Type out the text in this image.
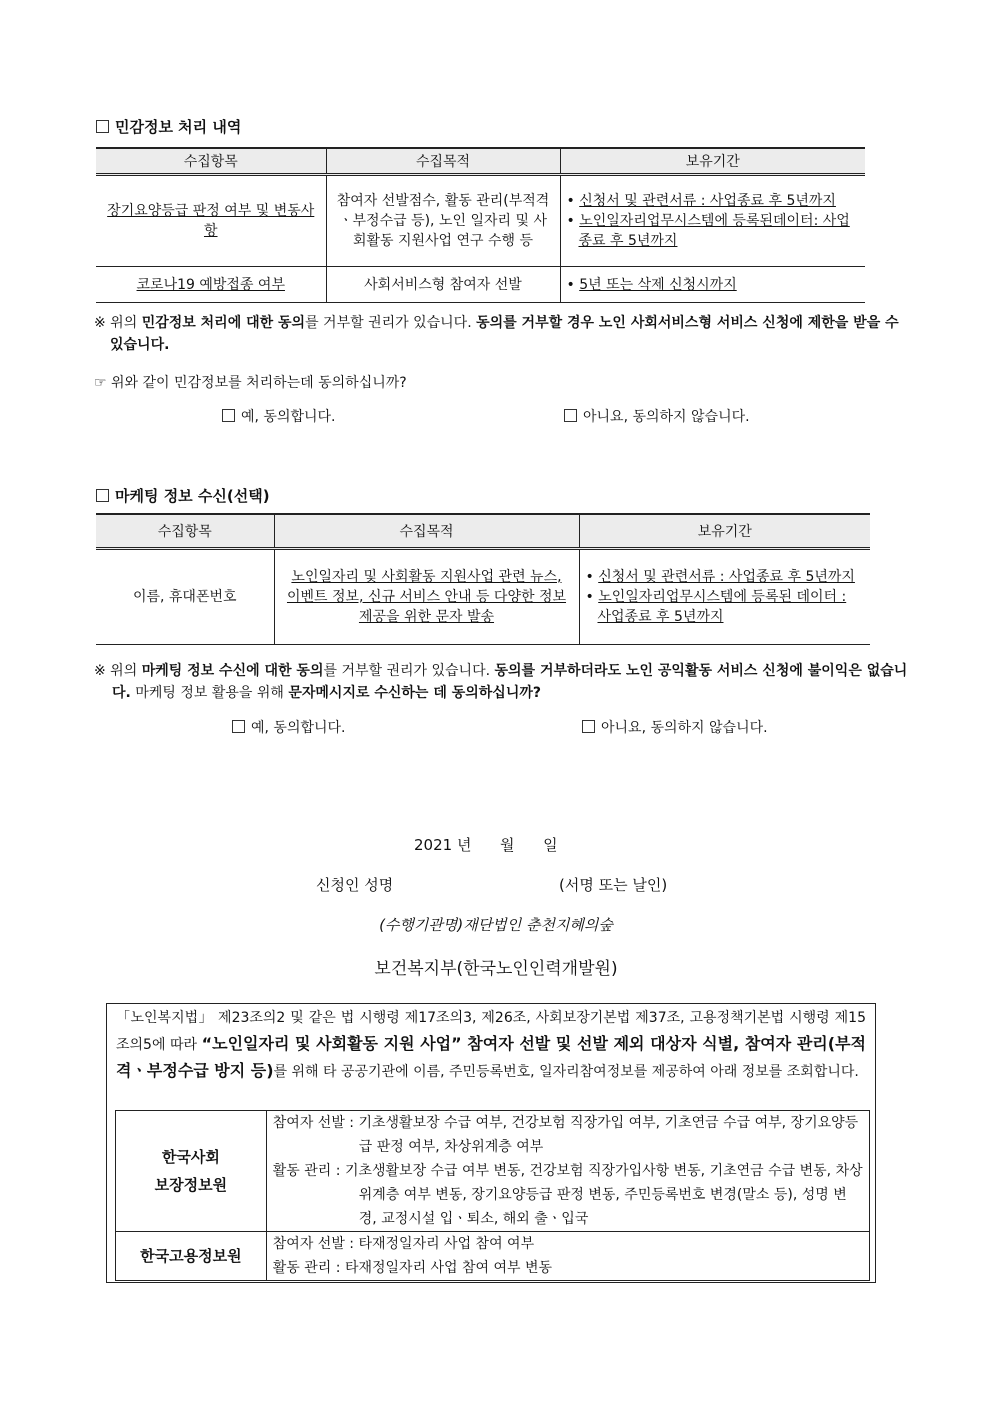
민감정보 처리 내역
수집항목	수집목적	보유기간
장기요양등급 판정 여부 및 변동사항	참여자 선발점수, 활동 관리(부적격ㆍ부정수급 등), 노인 일자리 및 사회활동 지원사업 연구 수행 등	• 신청서 및 관련서류 : 사업종료 후 5년까지
• 노인일자리업무시스템에 등록된데이터: 사업종료 후 5년까지

코로나19 예방접종 여부	사회서비스형 참여자 선발	• 5년 또는 삭제 신청시까지
※ 위의 민감정보 처리에 대한 동의를 거부할 권리가 있습니다. 동의를 거부할 경우 노인 사회서비스형 서비스 신청에 제한을 받을 수 있습니다.
☞ 위와 같이 민감정보를 처리하는데 동의하십니까?
예, 동의합니다.	아니요, 동의하지 않습니다.
마케팅 정보 수신(선택)
수집항목	수집목적	보유기간
이름, 휴대폰번호	노인일자리 및 사회활동 지원사업 관련 뉴스, 이벤트 정보, 신규 서비스 안내 등 다양한 정보 제공을 위한 문자 발송	• 신청서 및 관련서류 : 사업종료 후 5년까지
• 노인일자리업무시스템에 등록된 데이터 : 사업종료 후 5년까지
※ 위의 마케팅 정보 수신에 대한 동의를 거부할 권리가 있습니다. 동의를 거부하더라도 노인 공익활동 서비스 신청에 불이익은 없습니다. 마케팅 정보 활용을 위해 문자메시지로 수신하는 데 동의하십니까?
예, 동의합니다.	아니요, 동의하지 않습니다.
2021 년      월      일
신청인 성명	(서명 또는 날인)
(수행기관명)재단법인 춘천지혜의숲
보건복지부(한국노인인력개발원)
「노인복지법」 제23조의2 및 같은 법 시행령 제17조의3, 제26조, 사회보장기본법 제37조, 고용정책기본법 시행령 제15조의5에 따라 “노인일자리 및 사회활동 지원 사업” 참여자 선발 및 선발 제외 대상자 식별, 참여자 관리(부적격ㆍ부정수급 방지 등)를 위해 타 공공기관에 이름, 주민등록번호, 일자리참여정보를 제공하여 아래 정보를 조회합니다.
한국사회
보장정보원	참여자 선발 : 기초생활보장 수급 여부, 건강보험 직장가입 여부, 기초연금 수급 여부, 장기요양등급 판정 여부, 차상위계층 여부
활동 관리 : 기초생활보장 수급 여부 변동, 건강보험 직장가입사항 변동, 기초연금 수급 변동, 차상위계층 여부 변동, 장기요양등급 판정 변동, 주민등록번호 변경(말소 등), 성명 변경, 교정시설 입ㆍ퇴소, 해외 출ㆍ입국

한국고용정보원	참여자 선발 : 타재정일자리 사업 참여 여부
활동 관리 : 타재정일자리 사업 참여 여부 변동
